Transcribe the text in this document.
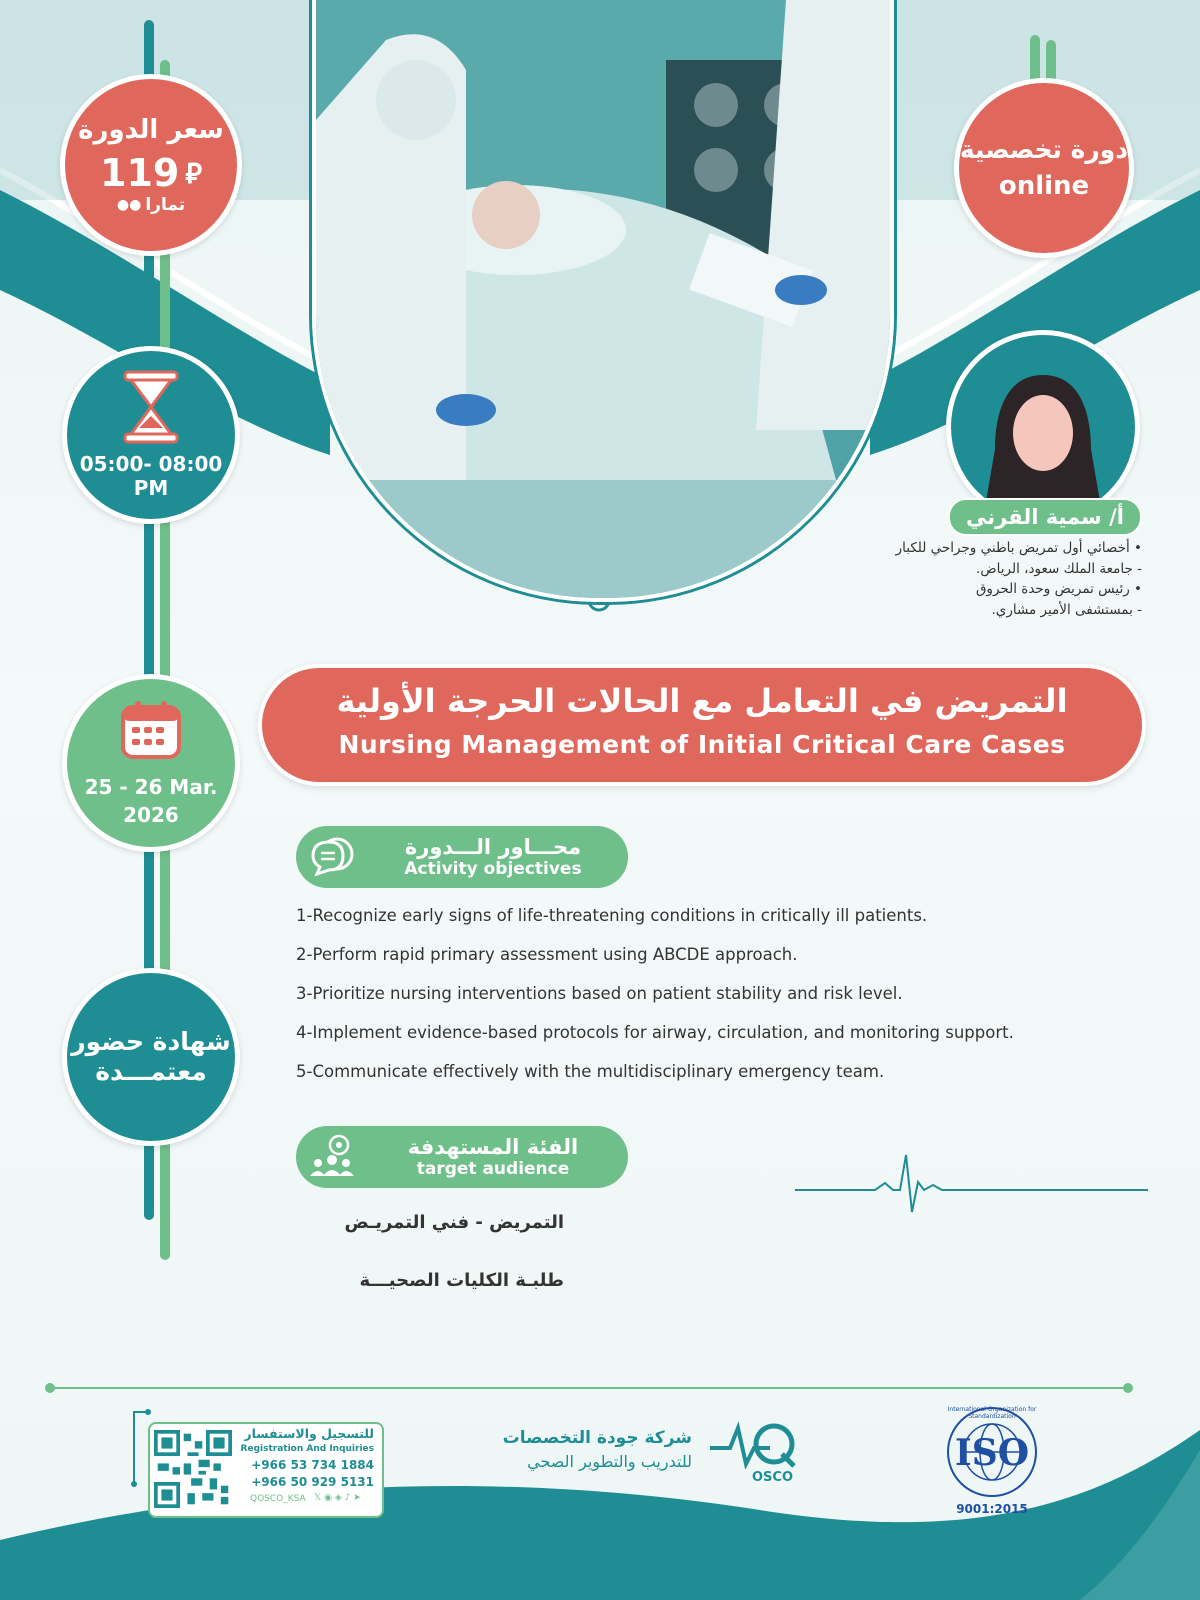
سعر الدورة
119 ⃁
تمارا
●●
05:00- 08:00
PM
25 - 26 Mar.
2026
شهادة حضور
معتمـــدة
دورة تخصصية
online
أ/ سمية القرني
• أخصائي أول تمريض باطني وجراحي للكبار
- جامعة الملك سعود، الرياض.
• رئيس تمريض وحدة الحروق
- بمستشفى الأمير مشاري.
التمريض في التعامل مع الحالات الحرجة الأولية
Nursing Management of Initial Critical Care Cases
محـــاور الـــدورة
Activity objectives
1-Recognize early signs of life-threatening conditions in critically ill patients.
2-Perform rapid primary assessment using ABCDE approach.
3-Prioritize nursing interventions based on patient stability and risk level.
4-Implement evidence-based protocols for airway, circulation, and monitoring support.
5-Communicate effectively with the multidisciplinary emergency team.
الفئة المستهدفة
target audience
التمريض - فني التمريـض
طلبـة الكليات الصحيـــة
للتسجيل والاستفسار
Registration And Inquiries
+966 53 734 1884
+966 50 929 5131
QOSCO_KSA 𝕏 ◉ ◈ ♪ ➤
شركة جودة التخصصات
للتدريب والتطوير الصحي
OSCO
International Organization for Standardization
ISO
9001:2015
